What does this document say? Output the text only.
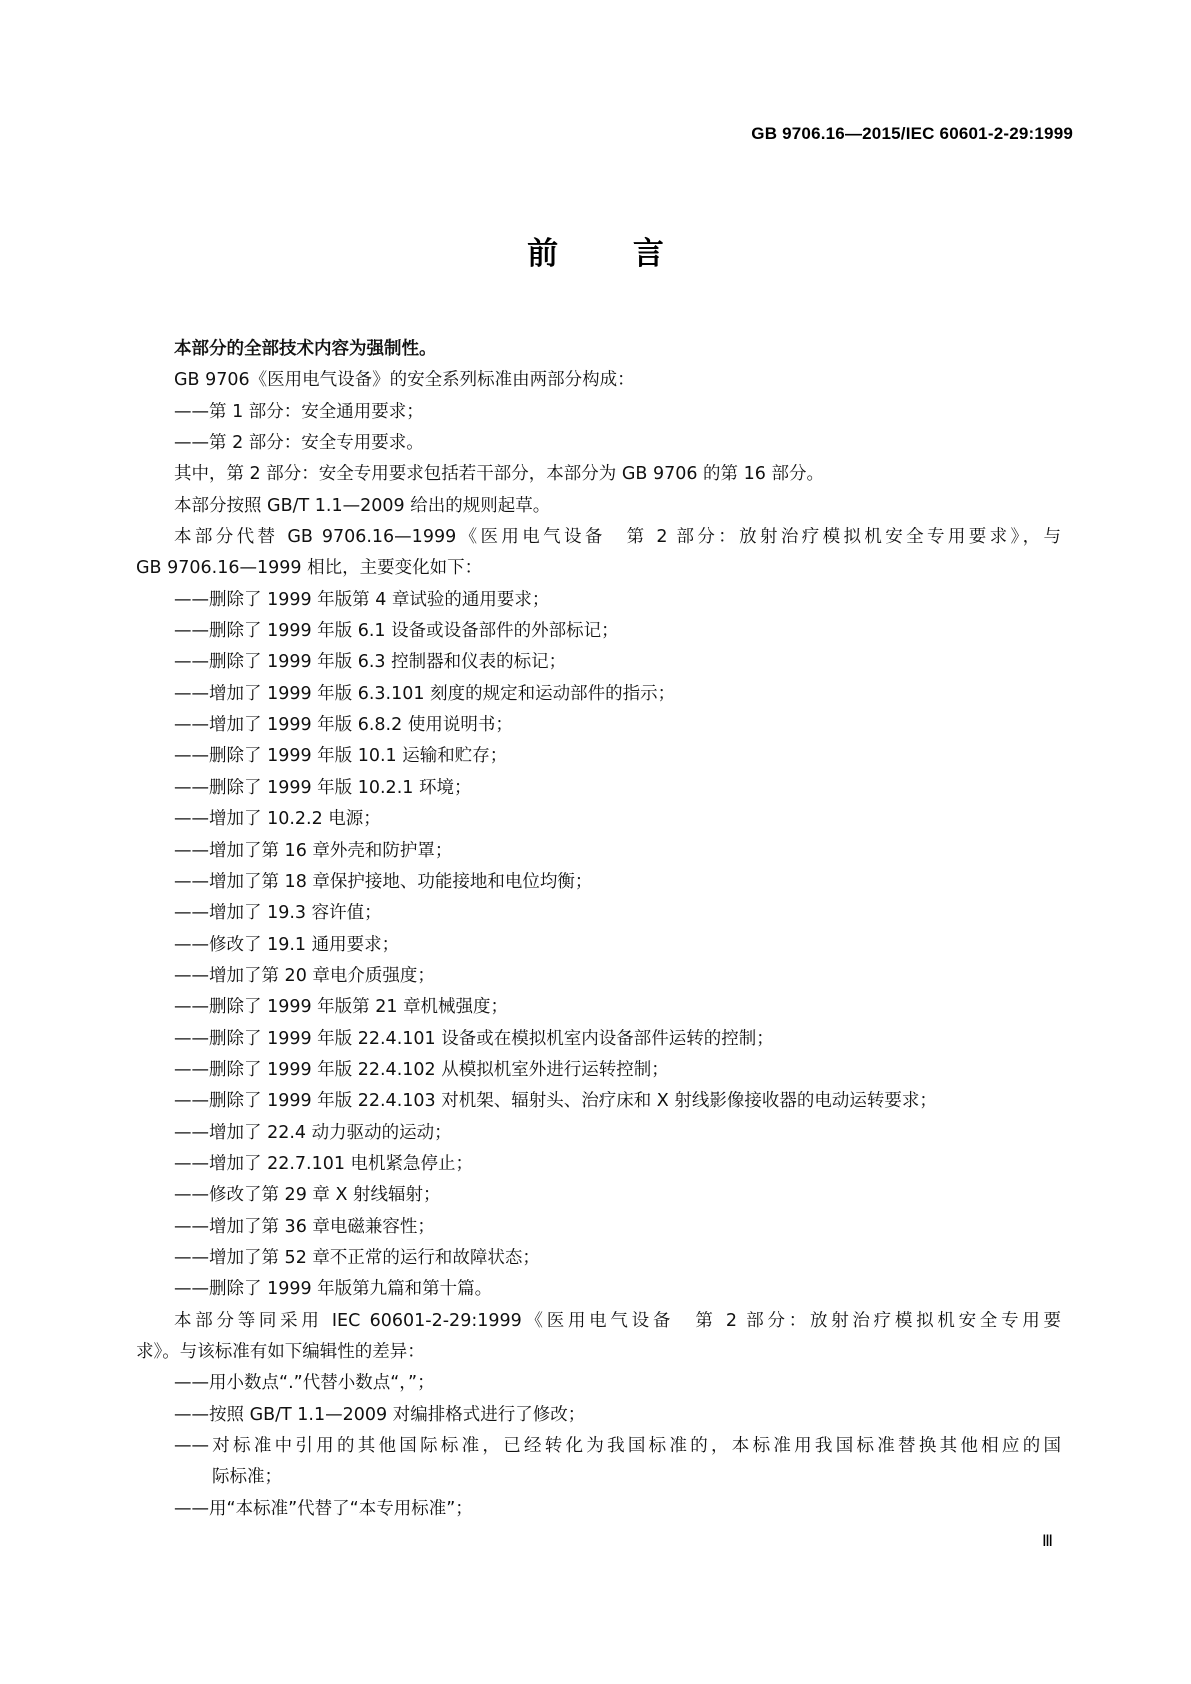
GB 9706.16—2015/IEC 60601-2-29:1999
前 言
本部分的全部技术内容为强制性。
GB 9706《医用电气设备》的安全系列标准由两部分构成：
——第 1 部分：安全通用要求；
——第 2 部分：安全专用要求。
其中，第 2 部分：安全专用要求包括若干部分，本部分为 GB 9706 的第 16 部分。
本部分按照 GB/T 1.1—2009 给出的规则起草。
本部分代替 GB 9706.16—1999《医用电气设备　第 2 部分：放射治疗模拟机安全专用要求》，与
GB 9706.16—1999 相比，主要变化如下：
——删除了 1999 年版第 4 章试验的通用要求；
——删除了 1999 年版 6.1 设备或设备部件的外部标记；
——删除了 1999 年版 6.3 控制器和仪表的标记；
——增加了 1999 年版 6.3.101 刻度的规定和运动部件的指示；
——增加了 1999 年版 6.8.2 使用说明书；
——删除了 1999 年版 10.1 运输和贮存；
——删除了 1999 年版 10.2.1 环境；
——增加了 10.2.2 电源；
——增加了第 16 章外壳和防护罩；
——增加了第 18 章保护接地、功能接地和电位均衡；
——增加了 19.3 容许值；
——修改了 19.1 通用要求；
——增加了第 20 章电介质强度；
——删除了 1999 年版第 21 章机械强度；
——删除了 1999 年版 22.4.101 设备或在模拟机室内设备部件运转的控制；
——删除了 1999 年版 22.4.102 从模拟机室外进行运转控制；
——删除了 1999 年版 22.4.103 对机架、辐射头、治疗床和 X 射线影像接收器的电动运转要求；
——增加了 22.4 动力驱动的运动；
——增加了 22.7.101 电机紧急停止；
——修改了第 29 章 X 射线辐射；
——增加了第 36 章电磁兼容性；
——增加了第 52 章不正常的运行和故障状态；
——删除了 1999 年版第九篇和第十篇。
本部分等同采用 IEC 60601-2-29:1999《医用电气设备　第 2 部分：放射治疗模拟机安全专用要
求》。与该标准有如下编辑性的差异：
——用小数点“.”代替小数点“，”；
——按照 GB/T 1.1—2009 对编排格式进行了修改；
——对标准中引用的其他国际标准，已经转化为我国标准的，本标准用我国标准替换其他相应的国
际标准；
——用“本标准”代替了“本专用标准”；
Ⅲ
